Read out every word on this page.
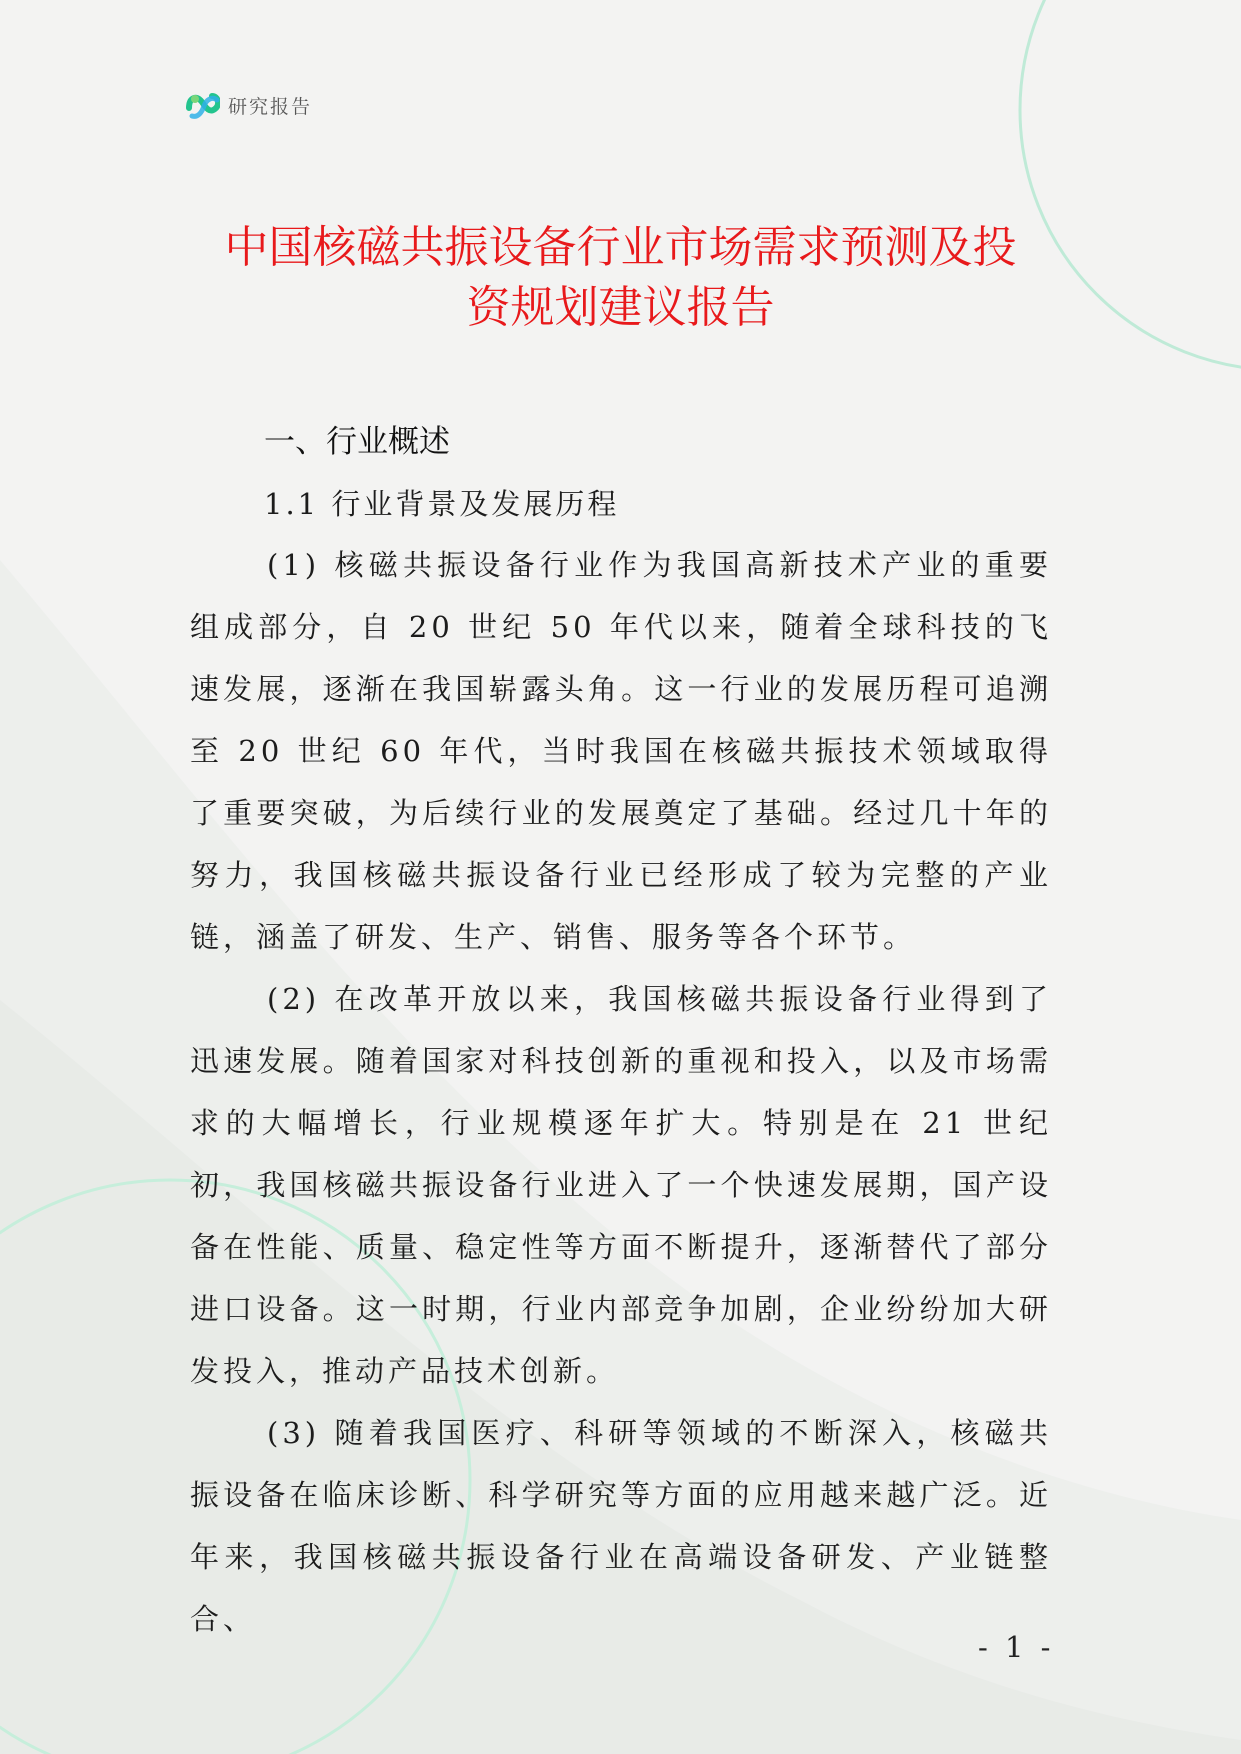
研究报告
中国核磁共振设备行业市场需求预测及投
资规划建议报告
一、行业概述
1.1 行业背景及发展历程

(1) 核磁共振设备行业作为我国高新技术产业的重要组成部分，自 20 世纪 50 年代以来，随着全球科技的飞速发展，逐渐在我国崭露头角。这一行业的发展历程可追溯至 20 世纪 60 年代，当时我国在核磁共振技术领域取得了重要突破，为后续行业的发展奠定了基础。经过几十年的努力，我国核磁共振设备行业已经形成了较为完整的产业链，涵盖了研发、生产、销售、服务等各个环节。

(2) 在改革开放以来，我国核磁共振设备行业得到了迅速发展。随着国家对科技创新的重视和投入，以及市场需求的大幅增长，行业规模逐年扩大。特别是在 21 世纪初，我国核磁共振设备行业进入了一个快速发展期，国产设备在性能、质量、稳定性等方面不断提升，逐渐替代了部分进口设备。这一时期，行业内部竞争加剧，企业纷纷加大研发投入，推动产品技术创新。

(3) 随着我国医疗、科研等领域的不断深入，核磁共振设备在临床诊断、科学研究等方面的应用越来越广泛。近年来，我国核磁共振设备行业在高端设备研发、产业链整合、

- 1 -
